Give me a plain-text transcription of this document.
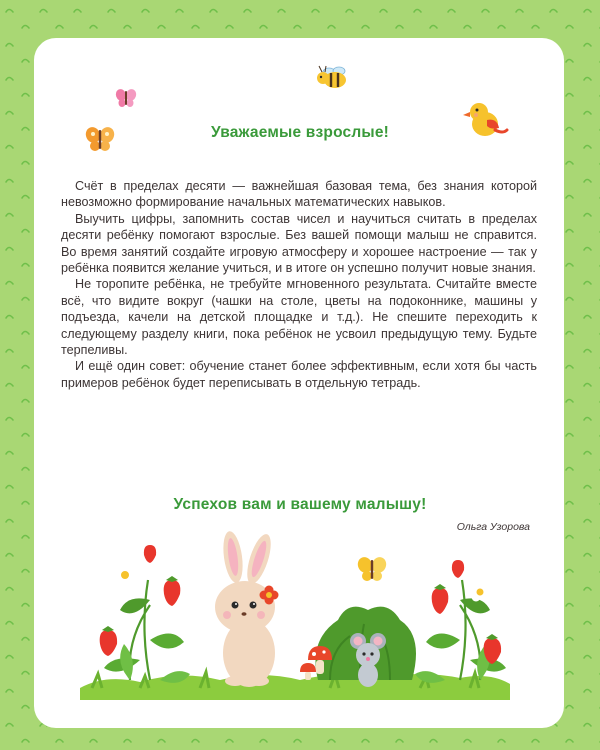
Уважаемые взрослые!

Счёт в пределах десяти — важнейшая базовая тема, без знания которой невозможно формирование начальных математических навыков.

Выучить цифры, запомнить состав чисел и научиться считать в пределах десяти ребёнку помогают взрослые. Без вашей помощи малыш не справится. Во время занятий создайте игровую атмосферу и хорошее настроение — так у ребёнка появится желание учиться, и в итоге он успешно получит новые знания.

Не торопите ребёнка, не требуйте мгновенного результата. Считайте вместе всё, что видите вокруг (чашки на столе, цветы на подоконнике, машины у подъезда, качели на детской площадке и т.д.). Не спешите переходить к следующему разделу книги, пока ребёнок не усвоил предыдущую тему. Будьте терпеливы.

И ещё один совет: обучение станет более эффективным, если хотя бы часть примеров ребёнок будет переписывать в отдельную тетрадь.

Успехов вам и вашему малышу!
Ольга Узорова
